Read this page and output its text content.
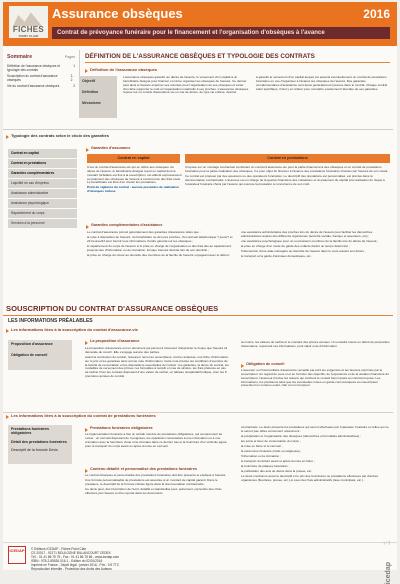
FICHES
POINT CLAIR
Assurance obsèques	2016
Contrat de prévoyance funéraire pour le financement et l'organisation d'obsèques à l'avance
Sommaire	Pages
Définition de l'assurance obsèques et typologie des contrats
1
Souscription du contrat d'assurance obsèques
1-2
Vie du contrat d'assurance obsèques	2
DÉFINITION DE L'ASSURANCE OBSÈQUES ET TYPOLOGIE DES CONTRATS
Définition de l'assurance obsèques
Objectif
Définition
Mécanisme

L'assurance obsèques garantit, au décès de l'assuré, le versement d'un capital à un bénéficiaire désigné pour financer et même organiser les obsèques de l'assuré. Ce dernier peut ainsi à l'avance exprimer ses volontés pour l'organisation de ses obsèques et éviter d'en faire supporter le coût et l'organisation matérielle à ses proches. L'assurance obsèques repose sur un contrat d'assurance-vie en cas de décès, de type vie entière, destiné

à garantir le versement d'un capital auquel est associé éventuellement un contrat de prestations funéraires en vue d'organiser à l'avance les obsèques de l'assuré. Des garanties complémentaires d'assistance sont aussi généralement prévues dans le contrat. Chaque contrat étant spécifique, il faut y en référer pour connaître exactement l'étendue de ses garanties.

Typologie des contrats selon le choix des garanties
Contrat en capital
Contrat en prestations
Garanties complémentaires
Liquidité en cas d'imprévu
Assistance administrative
Assistance psychologique
Rapatriement du corps
Services à la personne
Garanties d'assurance
Contrat en capital	Contrat en prestations

C'est un contrat d'assurance-vie qui se réfère aux obsèques. Au décès de l'assuré, le bénéficiaire désigné reçoit un capital dont le montant forfaitaire est fixé à la souscription, est affecté expressément au paiement des obsèques de l'assuré à concurrence des frais réels. Le bénéficiaire est libre d'en choisir les prestations.

Point de vigilance du contrat : aucune prestation de réalisation d'obsèques incluse

Il repose sur un montage contractuel combinant un contrat d'assurance-vie pour la partie financement des obsèques et un contrat de prestations funéraires pour la partie réalisation des obsèques. Il a pour objet de financer à l'avance des prestations funéraires choisies par l'assuré de son vivant.

Ce contrat est proposé par des assureurs ou des opérateurs funéraires. Le descriptif des prestations est personnalisé, est précisé dans la documentation contractuelle. L'assureur est en charge de la gestion financière des cotisations et du paiement du capital à la réalisation du risque à l'opérateur funéraire choisi par l'assuré qui exécute la prestation à concurrence de son coût.

Garanties complémentaires d'assistance

Le contrat d'assurance prévoit généralement des garanties d'assistance telles que :

la mise à disposition de l'assuré, du bénéficiaire ou de leurs proches, d'un accueil téléphonique 7 jours/7 et 24 heures/24 pour fournir tous informations d'ordre général sur les obsèques ;

le rapatriement du corps de l'assuré si le prise en charge de l'organisation et des frais liés au rapatriement jusqu'au lieu d'inhumation ou de crémation, lorsque l'assuré décède loin de son domicile ;

la prise en charge du retour au domicile des membres de la famille de l'assuré voyageant avec le défunt ;

une assistance administrative des proches lors du décès de l'assuré pour faciliter les démarches administratives auprès des différents organismes (sécurité sociale, banque et assureurs, etc) ;

une assistance psychologique pour un ou plusieurs membres de la famille lors du décès de l'assuré ;

la prise en charge d'un mode de garde des enfants durant un temps déterminé ;

l'intervention d'une aide-ménagère au domicile de l'assuré dans le mois suivant son décès ;

le transport et la garde d'animaux domestiques, etc.

SOUSCRIPTION DU CONTRAT D'ASSURANCE OBSÈQUES
LES INFORMATIONS PRÉALABLES
Les informations liées à la souscription du contrat d'assurance-vie
Proposition d'assurance
Obligation de conseil
La proposition d'assurance

La proposition d'assurance est un document qui permet à l'assureur d'apprécier le risque que l'assuré lui demande de couvrir. Elle s'engage aucune des parties.

Avant la conclusion du contrat, l'assureur remet au souscripteur, contre récépissé, une fiche d'information sur le prix et les garanties ainsi qu'une note d'information. Cette note précise les conditions d'exercice de la faculté de renonciation et les dispositions essentielles du contrat : les garanties, la durée du contrat, les modalités de versement des primes, les formalités à remplir en cas de sinistre, les frais prélevés en cas de rachat. Pour les contrats disposant d'une valeur de rachat, un tableau récapitulatif indique, pour les 8 premières années du contrat

au moins, les valeurs de rachat et le montant des primes versées. Un encadré insère en début de proposition d'assurance, reprenant ces informations, peut valoir note d'information.

Obligation de conseil

L'assureur ou l'intermédiaire d'assurance recueille par écrit les exigences et les besoins exprimés par le souscripteur. Au regard de ceux-ci et en fonction des objectifs, de l'expérience et de la situation financière du souscripteur, l'assureur précise les raisons qui motivent le conseil fourni quant au contrat proposé. Les informations, les précisions ainsi que les éventuelles mises en garde communiquées au souscripteur présentent un contenu exact, clair et non trompeur.

Les informations liées à la souscription du contrat de prestations funéraires
Prestations funéraires obligatoires
Détail des prestations funéraires
Descriptif de la formule Devis
Prestations funéraires obligatoires

La réglementation funéraire a fixé un certain nombre de prestations obligatoires, qui comprennent au moins : un cercueil disposant de 4 poignées, les opérations nécessaires à une inhumation ou à une crémation avec la fourniture d'une urne cinéraire dans ce dernier cas et la fourniture d'un véhicule agréé pour le transport du corps avant ou après la mise en cercueil.

Contenu détaillé et personnalisé des prestations funéraires

Le contrat obsèques et personnalisé des prestations funéraires doit être présenté et expliqué à l'assuré.

Une formule personnalisable de prestations est associée à un montant de capital garanti. Dans le prestauce, le descriptif de la formule choisie figure dans la documentation contractuelle.

Ce devis peut, dès l'inscription de l'écrit, détaillé et standardisé peut, autrement, reprendre des choix effectués par l'assuré et être reporté dans les documents

contractuels. Le devis présente les prestations qui seront effectuées par l'opérateur funéraire et celles qui ne le seront pas. Elles concernent notamment :

la préparation et l'organisation des obsèques (démarches et formalités administratives) ;

les soins et lieux de conservation du corps ;

la mise en bière et le cercueil ;

la cérémonie funéraire (civile ou religieuse) ;

l'inhumation ou la crémation ;

le transport du défunt avant et après la mise en bière ;

la fourniture de plaques funéraires ;

la publication des avis de décès dans la presse, etc.

Le devis mentionne aussi le descriptif et le prix des fournitures ou prestations effectuées par d'autres organismes (fleuristes, presse, etc.) et ceux des frais administratifs (taxe municipale, etc.).

ICEDAP	© Editions ICEDAP - Fiches Point Clair
CS 20017 - 92171 BOULOGNE BILLANCOURT CEDEX
Tél. : 01 41 86 75 75 - Fax : 01 41 86 75 66 - www.icedap.com
ISBN : 978-2-85530-016-1 - Edition du 02/01/2016
Imprimé en France - Dépôt légal : janvier 2016 - Prix : 3 € TTC
Reproduction interdite - Protection des droits des Auteurs	icedap
1
